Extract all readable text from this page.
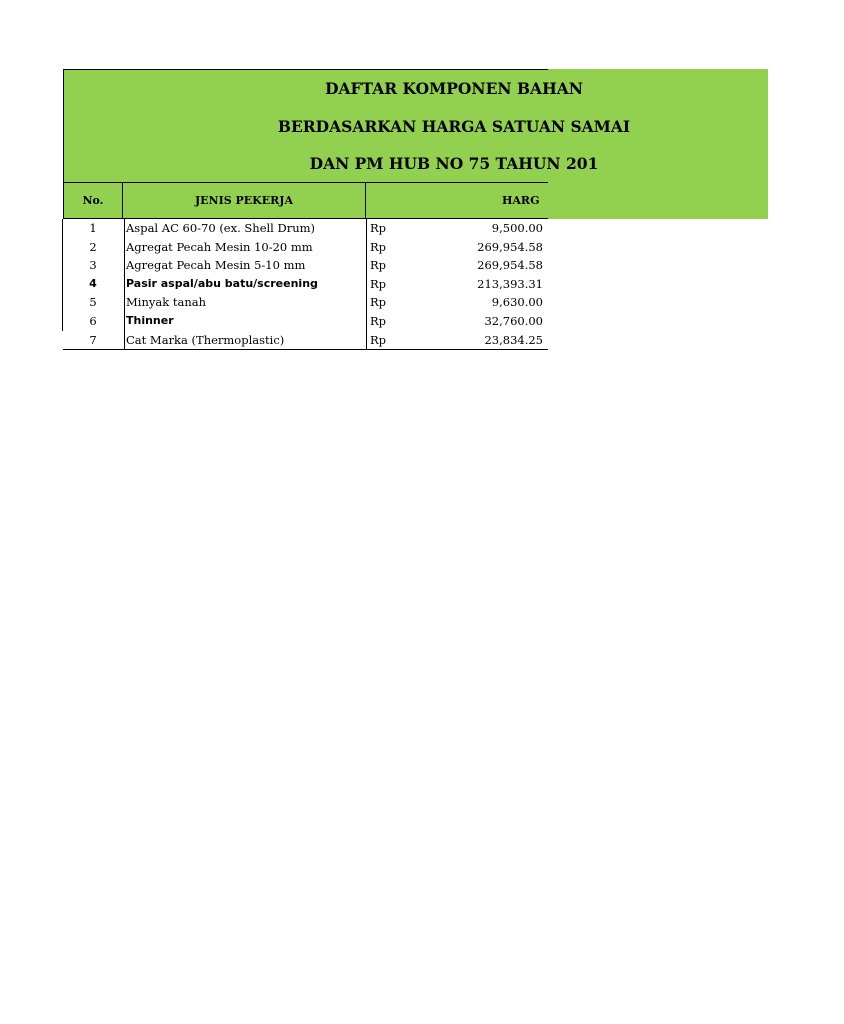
DAFTAR KOMPONEN BAHAN
BERDASARKAN HARGA SATUAN SAMAI
DAN PM HUB NO 75 TAHUN 201
No.	JENIS PEKERJA	HARG
1	Aspal AC 60-70 (ex. Shell Drum)	Rp	9,500.00
2	Agregat Pecah Mesin 10-20 mm	Rp	269,954.58
3	Agregat Pecah Mesin 5-10 mm	Rp	269,954.58
4	Pasir aspal/abu batu/screening	Rp	213,393.31
5	Minyak tanah	Rp	9,630.00
6	Thinner	Rp	32,760.00
7	Cat Marka (Thermoplastic)	Rp	23,834.25
